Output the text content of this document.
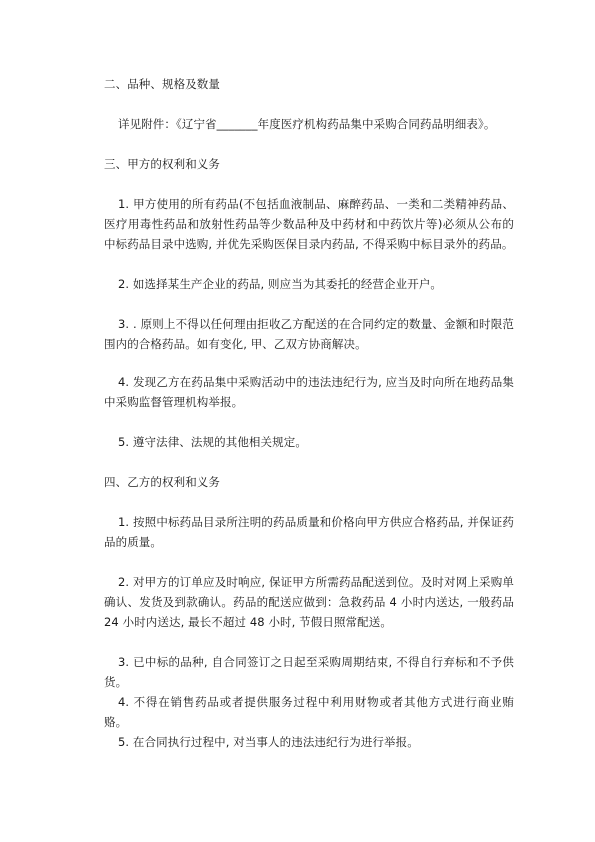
二、品种、规格及数量

详见附件：《辽宁省_______年度医疗机构药品集中采购合同药品明细表》。

三、甲方的权利和义务

1. 甲方使用的所有药品(不包括血液制品、麻醉药品、一类和二类精神药品、医疗用毒性药品和放射性药品等少数品种及中药材和中药饮片等)必须从公布的中标药品目录中选购, 并优先采购医保目录内药品, 不得采购中标目录外的药品。

2. 如选择某生产企业的药品, 则应当为其委托的经营企业开户。

3. . 原则上不得以任何理由拒收乙方配送的在合同约定的数量、金额和时限范围内的合格药品。如有变化, 甲、乙双方协商解决。

4. 发现乙方在药品集中采购活动中的违法违纪行为, 应当及时向所在地药品集中采购监督管理机构举报。

5. 遵守法律、法规的其他相关规定。

四、乙方的权利和义务

1. 按照中标药品目录所注明的药品质量和价格向甲方供应合格药品, 并保证药品的质量。

2. 对甲方的订单应及时响应, 保证甲方所需药品配送到位。及时对网上采购单确认、发货及到款确认。药品的配送应做到：急救药品 4 小时内送达, 一般药品 24 小时内送达, 最长不超过 48 小时, 节假日照常配送。

3. 已中标的品种, 自合同签订之日起至采购周期结束, 不得自行弃标和不予供货。

4. 不得在销售药品或者提供服务过程中利用财物或者其他方式进行商业贿赂。

5. 在合同执行过程中, 对当事人的违法违纪行为进行举报。
